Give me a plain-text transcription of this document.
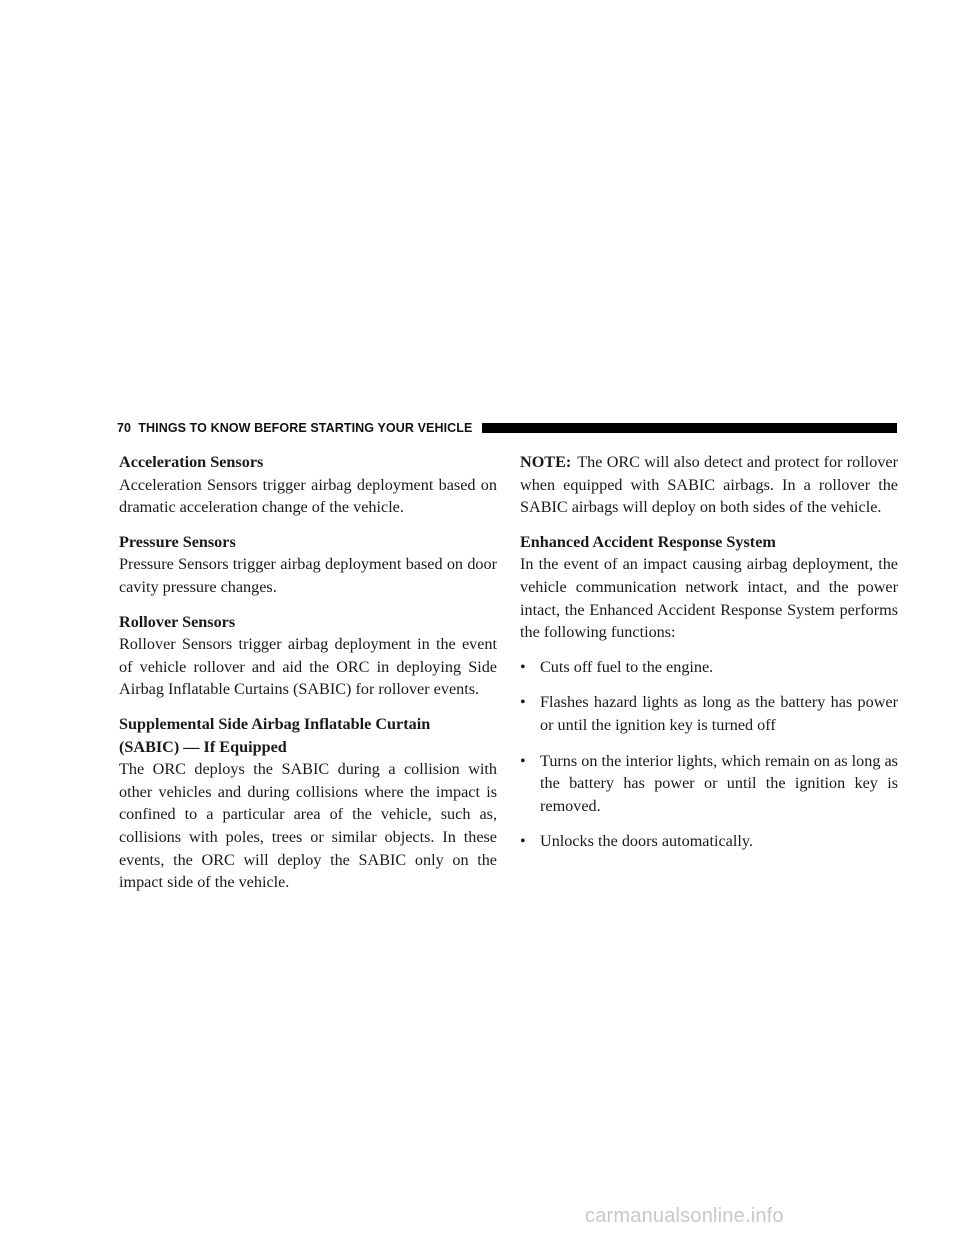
70 THINGS TO KNOW BEFORE STARTING YOUR VEHICLE

Acceleration Sensors

Acceleration Sensors trigger airbag deployment based on dramatic acceleration change of the vehicle.

Pressure Sensors

Pressure Sensors trigger airbag deployment based on door cavity pressure changes.

Rollover Sensors

Rollover Sensors trigger airbag deployment in the event of vehicle rollover and aid the ORC in deploying Side Airbag Inflatable Curtains (SABIC) for rollover events.

Supplemental Side Airbag Inflatable Curtain

(SABIC) — If Equipped

The ORC deploys the SABIC during a collision with other vehicles and during collisions where the impact is confined to a particular area of the vehicle, such as, collisions with poles, trees or similar objects. In these events, the ORC will deploy the SABIC only on the impact side of the vehicle.

NOTE: The ORC will also detect and protect for rollover when equipped with SABIC airbags. In a rollover the SABIC airbags will deploy on both sides of the vehicle.

Enhanced Accident Response System

In the event of an impact causing airbag deployment, the vehicle communication network intact, and the power intact, the Enhanced Accident Response System performs the following functions:

• Cuts off fuel to the engine.
• Flashes hazard lights as long as the battery has power or until the ignition key is turned off
• Turns on the interior lights, which remain on as long as the battery has power or until the ignition key is removed.
• Unlocks the doors automatically.
carmanualsonline.info
